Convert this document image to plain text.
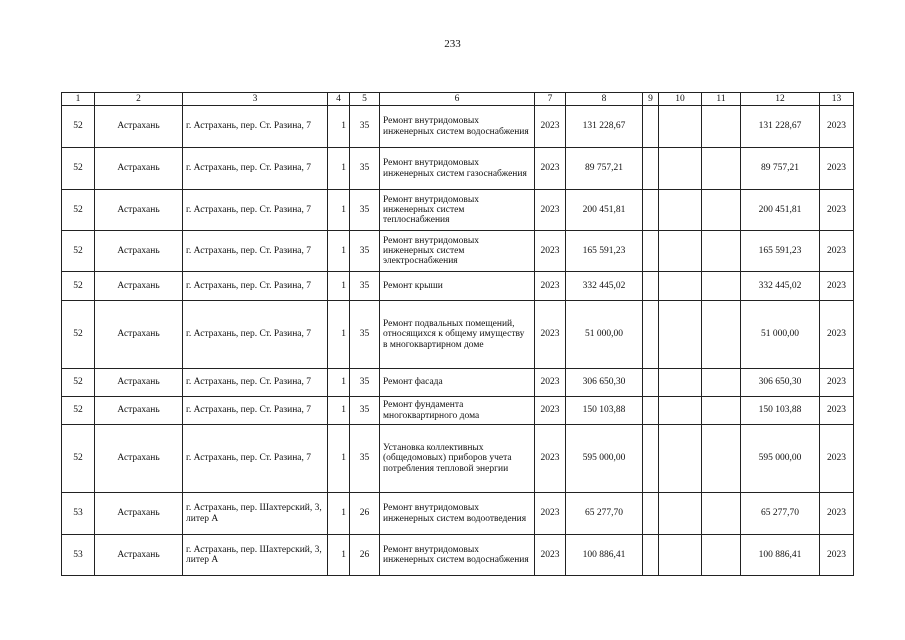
233
1	2	3	4	5	6	7	8	9	10	11	12	13
52	Астрахань	г. Астрахань, пер. Ст. Разина, 7	1	35	Ремонт внутридомовых инженерных систем водоснабжения	2023	131 228,67				131 228,67	2023
52	Астрахань	г. Астрахань, пер. Ст. Разина, 7	1	35	Ремонт внутридомовых инженерных систем газоснабжения	2023	89 757,21				89 757,21	2023
52	Астрахань	г. Астрахань, пер. Ст. Разина, 7	1	35	Ремонт внутридомовых инженерных систем теплоснабжения	2023	200 451,81				200 451,81	2023
52	Астрахань	г. Астрахань, пер. Ст. Разина, 7	1	35	Ремонт внутридомовых инженерных систем электроснабжения	2023	165 591,23				165 591,23	2023
52	Астрахань	г. Астрахань, пер. Ст. Разина, 7	1	35	Ремонт крыши	2023	332 445,02				332 445,02	2023
52	Астрахань	г. Астрахань, пер. Ст. Разина, 7	1	35	Ремонт подвальных помещений, относящихся к общему имуществу в многоквартирном доме	2023	51 000,00				51 000,00	2023
52	Астрахань	г. Астрахань, пер. Ст. Разина, 7	1	35	Ремонт фасада	2023	306 650,30				306 650,30	2023
52	Астрахань	г. Астрахань, пер. Ст. Разина, 7	1	35	Ремонт фундамента многоквартирного дома	2023	150 103,88				150 103,88	2023
52	Астрахань	г. Астрахань, пер. Ст. Разина, 7	1	35	Установка коллективных (общедомовых) приборов учета потребления тепловой энергии	2023	595 000,00				595 000,00	2023
53	Астрахань	г. Астрахань, пер. Шахтерский, 3, литер А	1	26	Ремонт внутридомовых инженерных систем водоотведения	2023	65 277,70				65 277,70	2023
53	Астрахань	г. Астрахань, пер. Шахтерский, 3, литер А	1	26	Ремонт внутридомовых инженерных систем водоснабжения	2023	100 886,41				100 886,41	2023
